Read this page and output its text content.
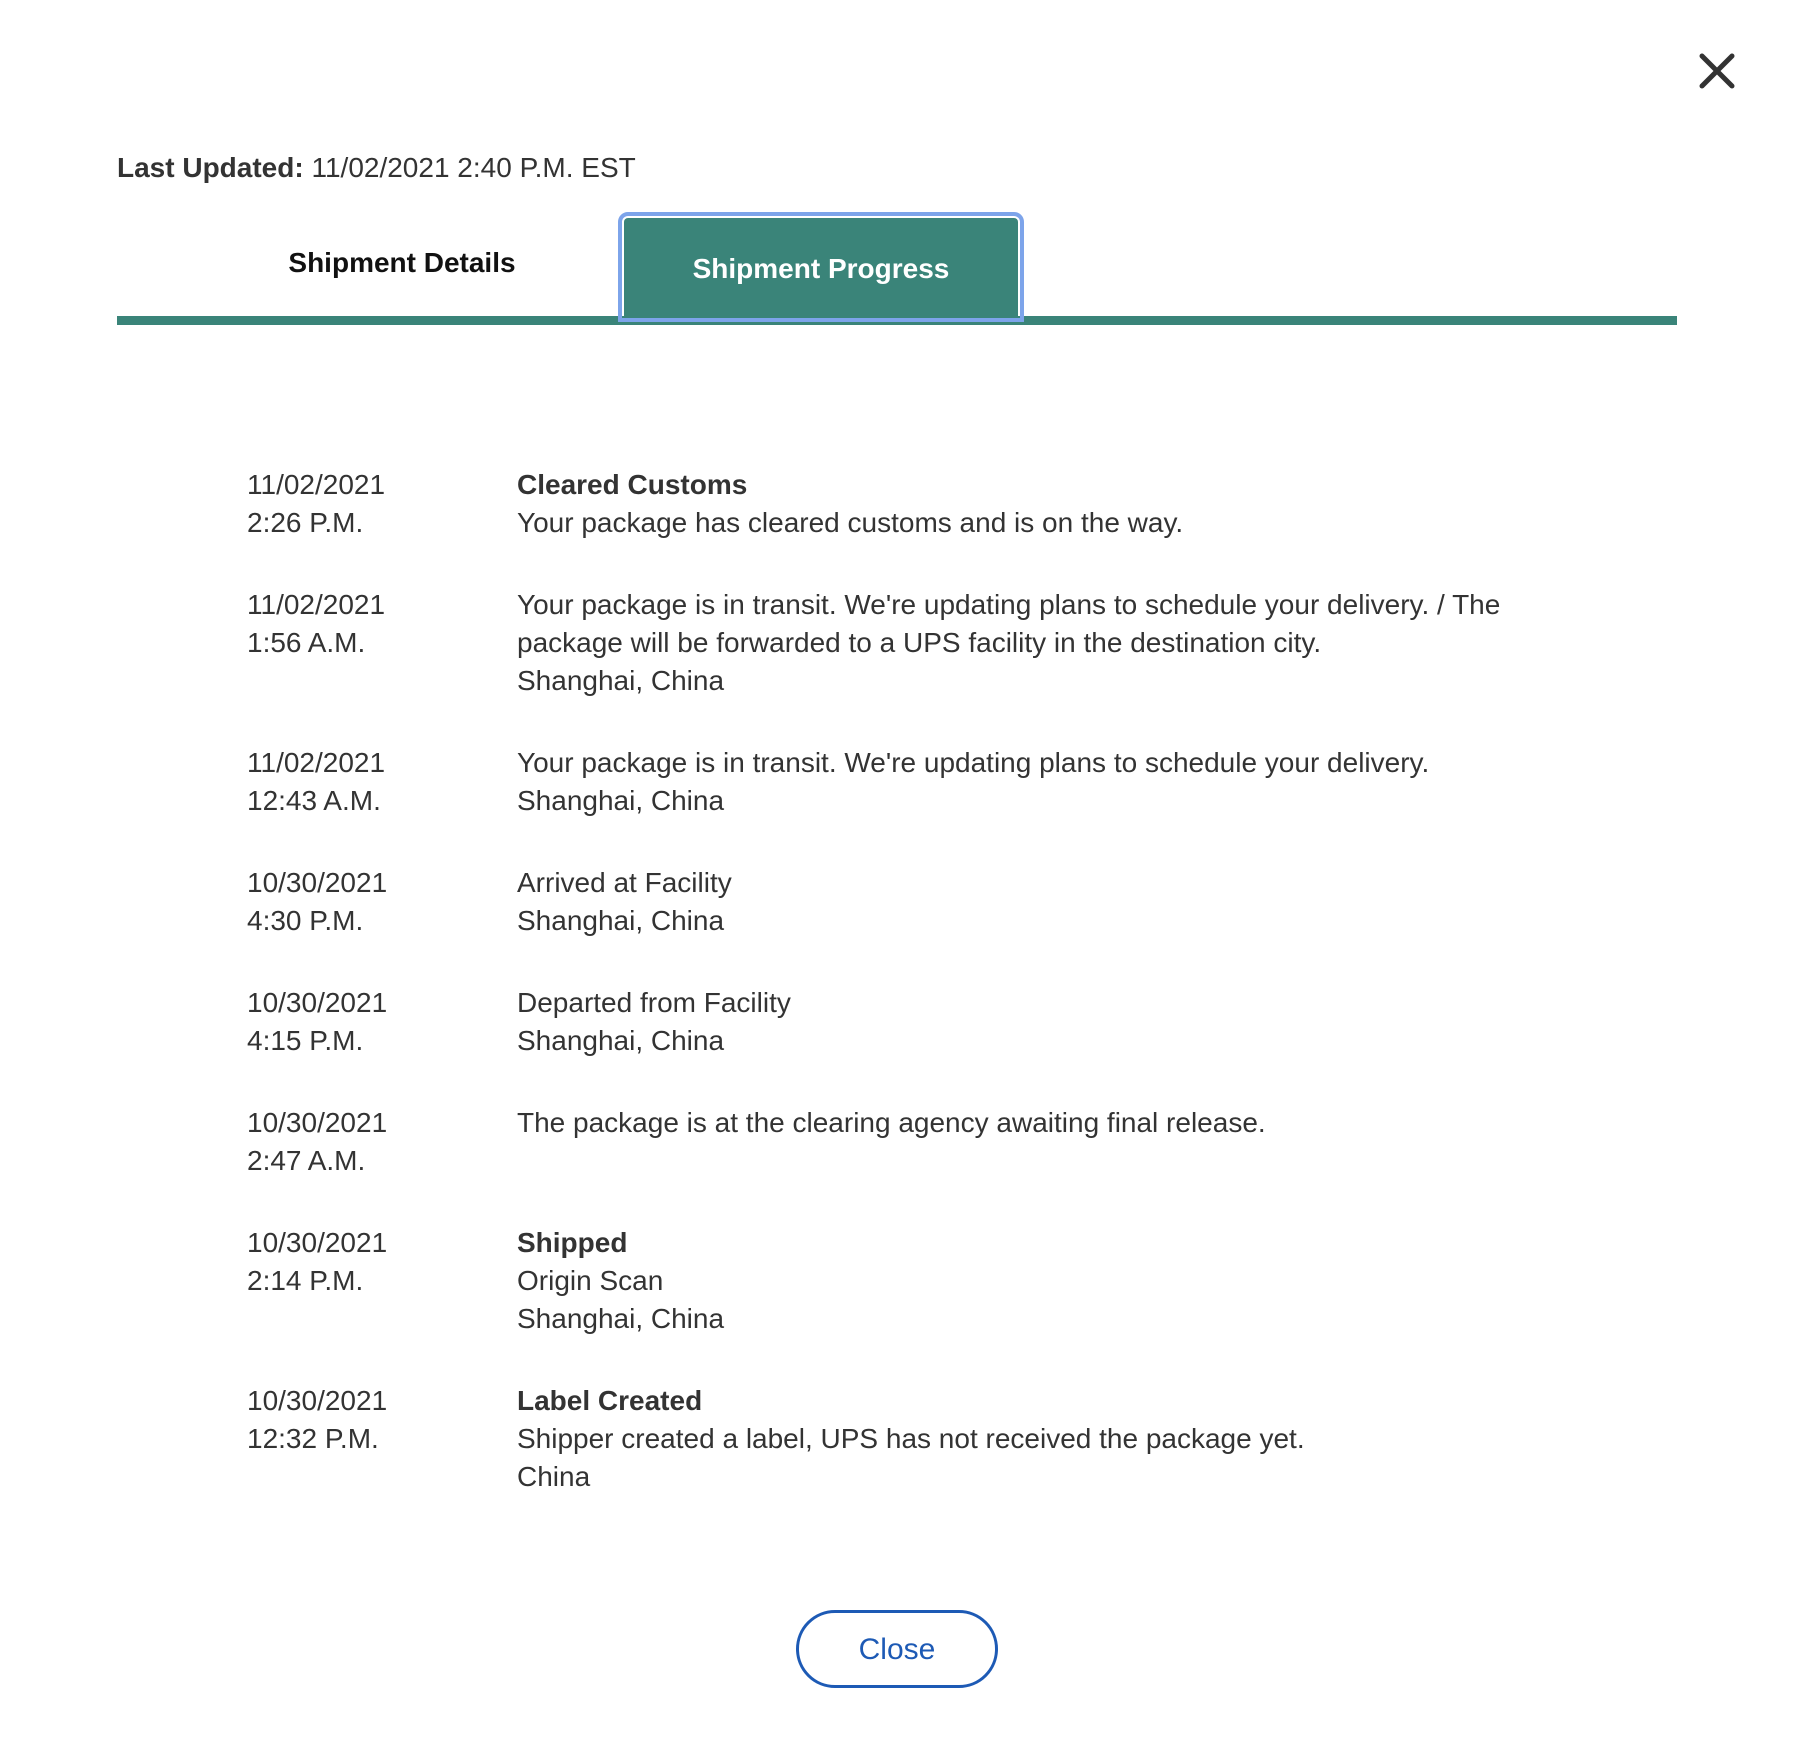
Last Updated: 11/02/2021 2:40 P.M. EST
Shipment Details	Shipment Progress
11/02/2021
2:26 P.M.
Cleared Customs
Your package has cleared customs and is on the way.
11/02/2021
1:56 A.M.
Your package is in transit. We're updating plans to schedule your delivery. / The package will be forwarded to a UPS facility in the destination city.
Shanghai, China
11/02/2021
12:43 A.M.
Your package is in transit. We're updating plans to schedule your delivery.
Shanghai, China
10/30/2021
4:30 P.M.
Arrived at Facility
Shanghai, China
10/30/2021
4:15 P.M.
Departed from Facility
Shanghai, China
10/30/2021
2:47 A.M.
The package is at the clearing agency awaiting final release.
10/30/2021
2:14 P.M.
Shipped
Origin Scan
Shanghai, China
10/30/2021
12:32 P.M.
Label Created
Shipper created a label, UPS has not received the package yet.
China
Close
